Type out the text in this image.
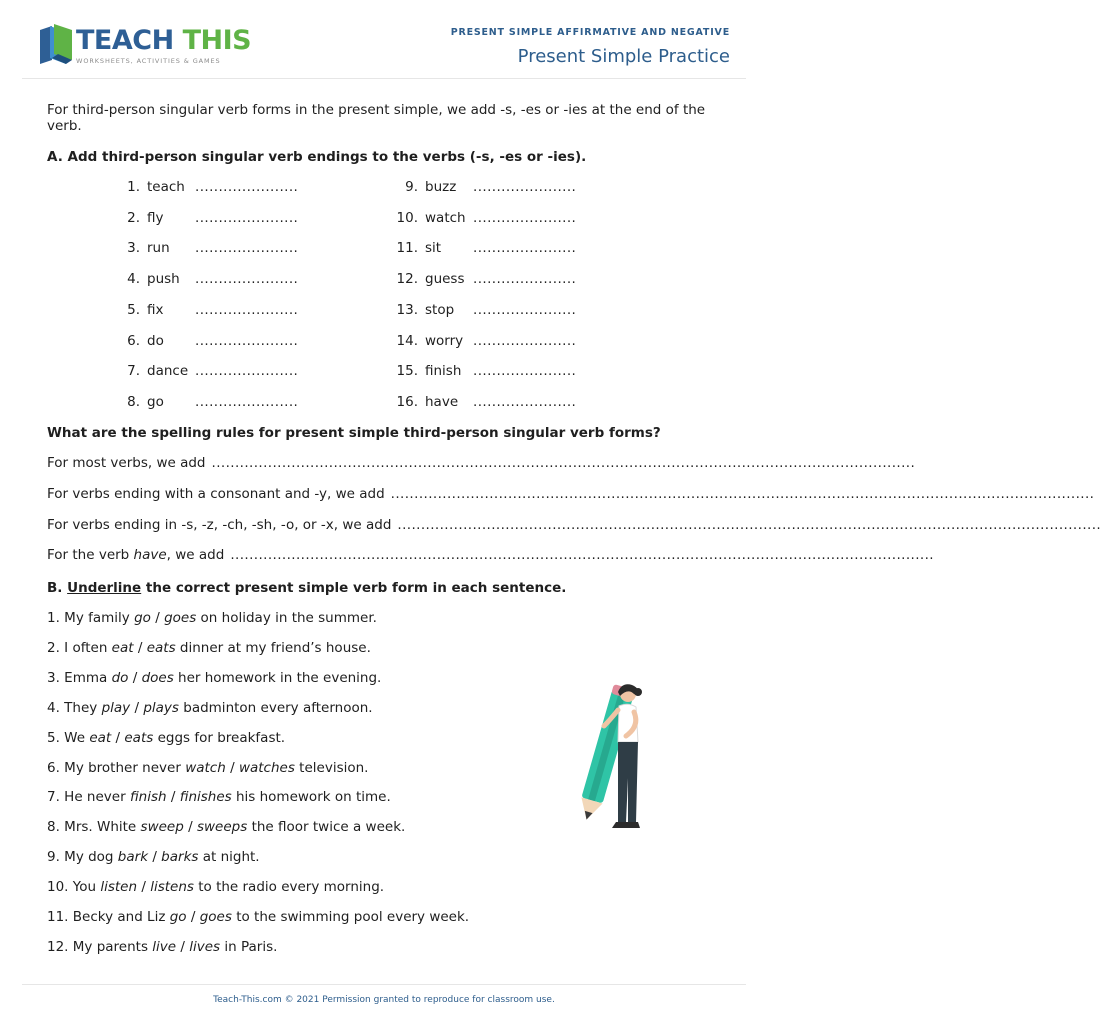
TEACH THIS
WORKSHEETS, ACTIVITIES & GAMES
PRESENT SIMPLE AFFIRMATIVE AND NEGATIVE
Present Simple Practice
For third-person singular verb forms in the present simple, we add -s, -es or -ies at the end of the verb.
A. Add third-person singular verb endings to the verbs (-s, -es or -ies).
1. teach ......................
2. fly ......................
3. run ......................
4. push ......................
5. fix ......................
6. do ......................
7. dance ......................
8. go ......................
9. buzz ......................
10. watch ......................
11. sit ......................
12. guess ......................
13. stop ......................
14. worry ......................
15. finish ......................
16. have ......................
What are the spelling rules for present simple third-person singular verb forms?
For most verbs, we add ......................................................................................................................................................
For verbs ending with a consonant and -y, we add ......................................................................................................................................................
For verbs ending in -s, -z, -ch, -sh, -o, or -x, we add ......................................................................................................................................................
For the verb have, we add ......................................................................................................................................................
B. Underline the correct present simple verb form in each sentence.
1. My family go / goes on holiday in the summer.
2. I often eat / eats dinner at my friend’s house.
3. Emma do / does her homework in the evening.
4. They play / plays badminton every afternoon.
5. We eat / eats eggs for breakfast.
6. My brother never watch / watches television.
7. He never finish / finishes his homework on time.
8. Mrs. White sweep / sweeps the floor twice a week.
9. My dog bark / barks at night.
10. You listen / listens to the radio every morning.
11. Becky and Liz go / goes to the swimming pool every week.
12. My parents live / lives in Paris.
Teach-This.com © 2021 Permission granted to reproduce for classroom use.
